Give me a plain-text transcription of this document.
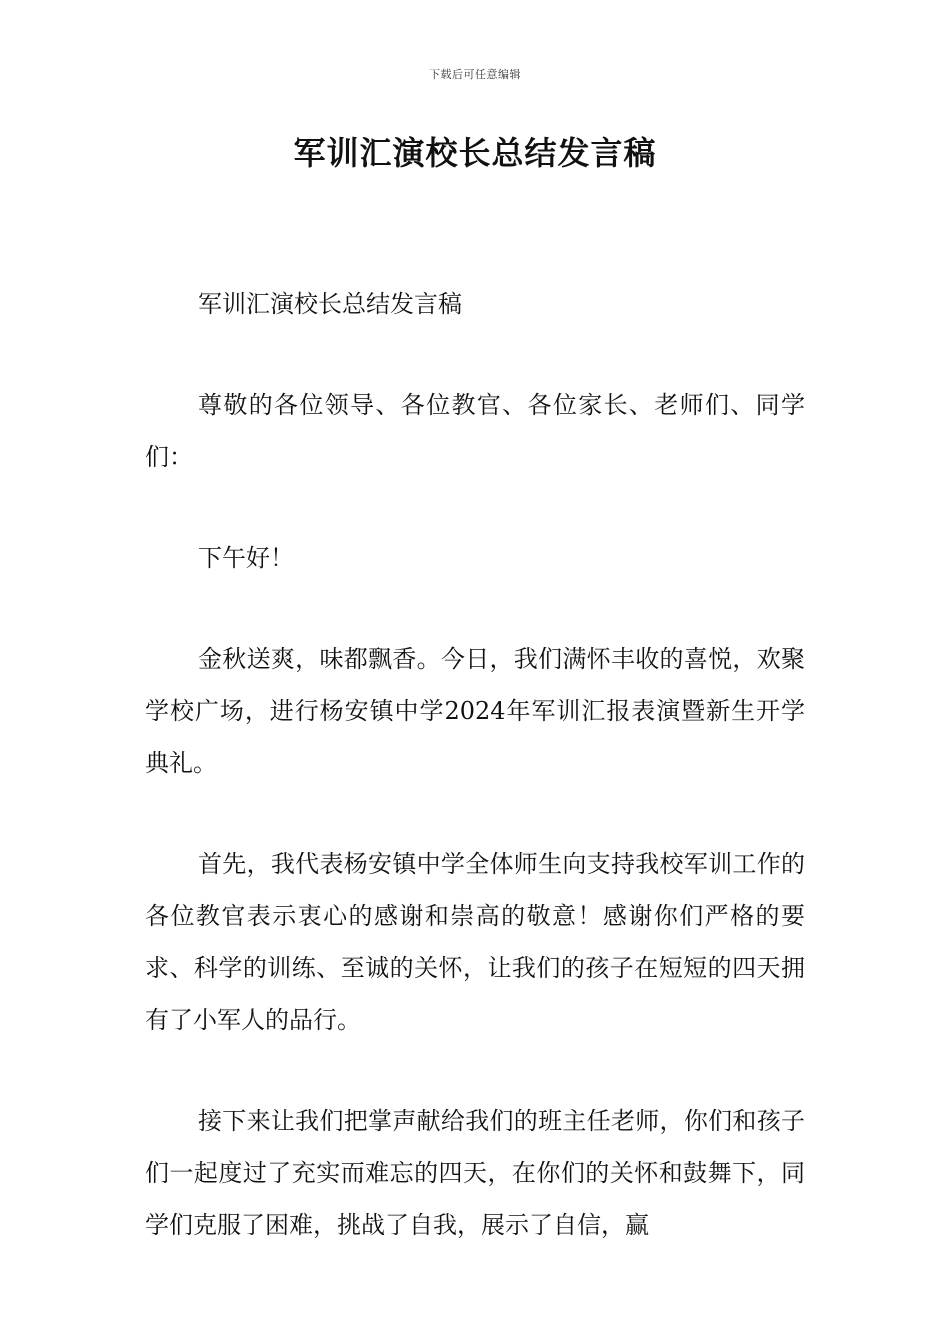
下载后可任意编辑
军训汇演校长总结发言稿

军训汇演校长总结发言稿

尊敬的各位领导、各位教官、各位家长、老师们、同学们：

下午好！

金秋送爽，味都飘香。今日，我们满怀丰收的喜悦，欢聚学校广场，进行杨安镇中学2024年军训汇报表演暨新生开学典礼。

首先，我代表杨安镇中学全体师生向支持我校军训工作的各位教官表示衷心的感谢和崇高的敬意！感谢你们严格的要求、科学的训练、至诚的关怀，让我们的孩子在短短的四天拥有了小军人的品行。

接下来让我们把掌声献给我们的班主任老师，你们和孩子们一起度过了充实而难忘的四天，在你们的关怀和鼓舞下，同学们克服了困难，挑战了自我，展示了自信，赢
